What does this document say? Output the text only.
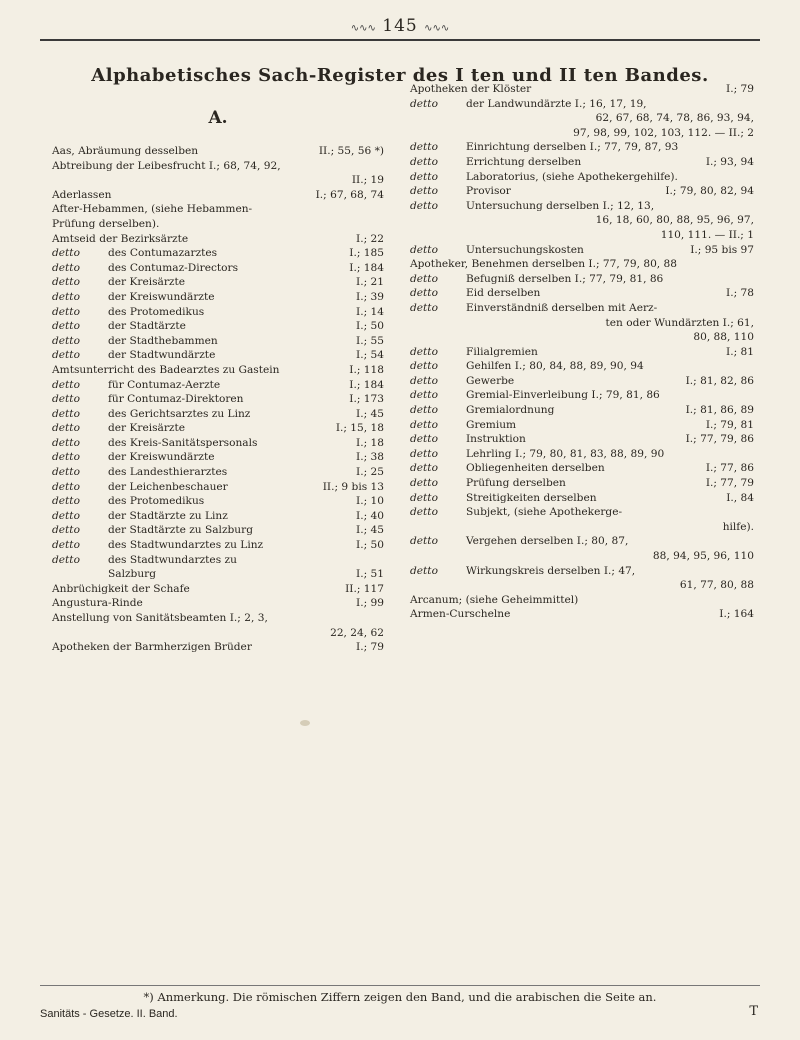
∿∿∿ 145 ∿∿∿
Alphabetisches Sach-Register des I ten und II ten Bandes.
A.
Aas, Abräumung desselben	II.; 55, 56 *)
Abtreibung der Leibesfrucht I.; 68, 74, 92,
II.; 19
Aderlassen	I.; 67, 68, 74
After-Hebammen, (siehe Hebammen-
Prüfung derselben).
Amtseid der Bezirksärzte	I.; 22
detto	des Contumazarztes	I.; 185
detto	des Contumaz-Directors	I.; 184
detto	der Kreisärzte	I.; 21
detto	der Kreiswundärzte	I.; 39
detto	des Protomedikus	I.; 14
detto	der Stadtärzte	I.; 50
detto	der Stadthebammen	I.; 55
detto	der Stadtwundärzte	I.; 54
Amtsunterricht des Badearztes zu Gastein	I.; 118
detto	für Contumaz-Aerzte	I.; 184
detto	für Contumaz-Direktoren	I.; 173
detto	des Gerichtsarztes zu Linz	I.; 45
detto	der Kreisärzte	I.; 15, 18
detto	des Kreis-Sanitätspersonals	I.; 18
detto	der Kreiswundärzte	I.; 38
detto	des Landesthierarztes	I.; 25
detto	der Leichenbeschauer	II.; 9 bis 13
detto	des Protomedikus	I.; 10
detto	der Stadtärzte zu Linz	I.; 40
detto	der Stadtärzte zu Salzburg	I.; 45
detto	des Stadtwundarztes zu Linz	I.; 50
detto	des Stadtwundarztes zu
Salzburg	I.; 51
Anbrüchigkeit der Schafe	II.; 117
Angustura-Rinde	I.; 99
Anstellung von Sanitätsbeamten I.; 2, 3,
22, 24, 62
Apotheken der Barmherzigen Brüder	I.; 79
Apotheken der Klöster	I.; 79
detto	der Landwundärzte I.; 16, 17, 19,
62, 67, 68, 74, 78, 86, 93, 94,
97, 98, 99, 102, 103, 112. — II.; 2
detto	Einrichtung derselben I.; 77, 79, 87, 93
detto	Errichtung derselben	I.; 93, 94
detto	Laboratorius, (siehe Apothekergehilfe).
detto	Provisor	I.; 79, 80, 82, 94
detto	Untersuchung derselben I.; 12, 13,
16, 18, 60, 80, 88, 95, 96, 97,
110, 111. — II.; 1
detto	Untersuchungskosten	I.; 95 bis 97
Apotheker, Benehmen derselben I.; 77, 79, 80, 88
detto	Befugniß derselben I.; 77, 79, 81, 86
detto	Eid derselben	I.; 78
detto	Einverständniß derselben mit Aerz-
ten oder Wundärzten I.; 61,
80, 88, 110
detto	Filialgremien	I.; 81
detto	Gehilfen I.; 80, 84, 88, 89, 90, 94
detto	Gewerbe	I.; 81, 82, 86
detto	Gremial-Einverleibung I.; 79, 81, 86
detto	Gremialordnung	I.; 81, 86, 89
detto	Gremium	I.; 79, 81
detto	Instruktion	I.; 77, 79, 86
detto	Lehrling I.; 79, 80, 81, 83, 88, 89, 90
detto	Obliegenheiten derselben	I.; 77, 86
detto	Prüfung derselben	I.; 77, 79
detto	Streitigkeiten derselben	I., 84
detto	Subjekt, (siehe Apothekerge-
hilfe).
detto	Vergehen derselben I.; 80, 87,
88, 94, 95, 96, 110
detto	Wirkungskreis derselben I.; 47,
61, 77, 80, 88
Arcanum; (siehe Geheimmittel)
Armen-Curschelne	I.; 164
*) Anmerkung. Die römischen Ziffern zeigen den Band, und die arabischen die Seite an.
Sanitäts - Gesetze. II. Band.	T
